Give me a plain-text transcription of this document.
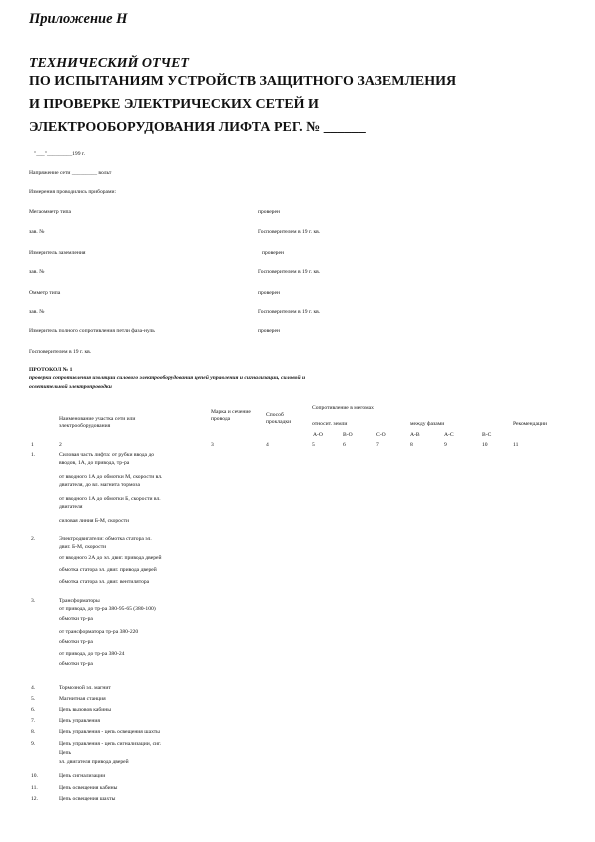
Приложение Н
ТЕХНИЧЕСКИЙ ОТЧЕТ
ПО ИСПЫТАНИЯМ УСТРОЙСТВ ЗАЩИТНОГО ЗАЗЕМЛЕНИЯ
И ПРОВЕРКЕ ЭЛЕКТРИЧЕСКИХ СЕТЕЙ И
ЭЛЕКТРООБОРУДОВАНИЯ ЛИФТА РЕГ. № ______
"___"_________199 г.
Напряжение сети _________ вольт
Измерения проводились приборами:
Мегаомметр типа	проверен
зав. №	Госповерителем в 19 г. кв.
Измеритель заземления	проверен
зав. №	Госповерителем в 19 г. кв.
Омметр типа	проверен
зав. №	Госповерителем в 19 г. кв.
Измеритель полного сопротивления петли фаза-нуль	проверен
Госповерителем в 19 г. кв.
ПРОТОКОЛ № 1
проверки сопротивления изоляции силового электрооборудования цепей управления и сигнализации, силовой и
осветительной электропроводки
Наименование участка сети или электрооборудования
Марка и сечение провода
Способ прокладки
Сопротивление в мегомах
относит. земли	между фазами
А-О	В-О	С-О	А-В	А-С	В-С
Рекомендации
1	2	3	4	5	6	7	8	9	10	11
1.	Силовая часть лифта: от рубки ввода до
вводов, 1А, до привода, тр-ра
от вводного 1А до обмотки М, скорости вл.
двигателя, до вл. магнита тормоза
от вводного 1А до обмотки Б, скорости вл.
двигателя
силовая линия Б-М, скорости
2.	Электродвигатели: обмотка статора эл.
двиг. Б-М, скорости
от вводного 2А до эл. двиг. привода дверей
обмотка статора эл. двиг. привода дверей
обмотка статора эл. двиг. вентилятора
3.	Трансформаторы
от привода, до тр-ра 380-95-65 (380-100)
обмотки тр-ра
от трансформатора тр-ра 380-220
обмотки тр-ра
от привода, до тр-ра 380-24
обмотки тр-ра
4.	Тормозной эл. магнит
5.	Магнитная станция
6.	Цепь вызовов кабины
7.	Цепь управления
8.	Цепь управления - цепь освещения шахты
9.	Цепь управления - цепь сигнализации, сиг.
Цепь
эл. двигателя привода дверей
10.	Цепь сигнализации
11.	Цепь освещения кабины
12.	Цепь освещения шахты
